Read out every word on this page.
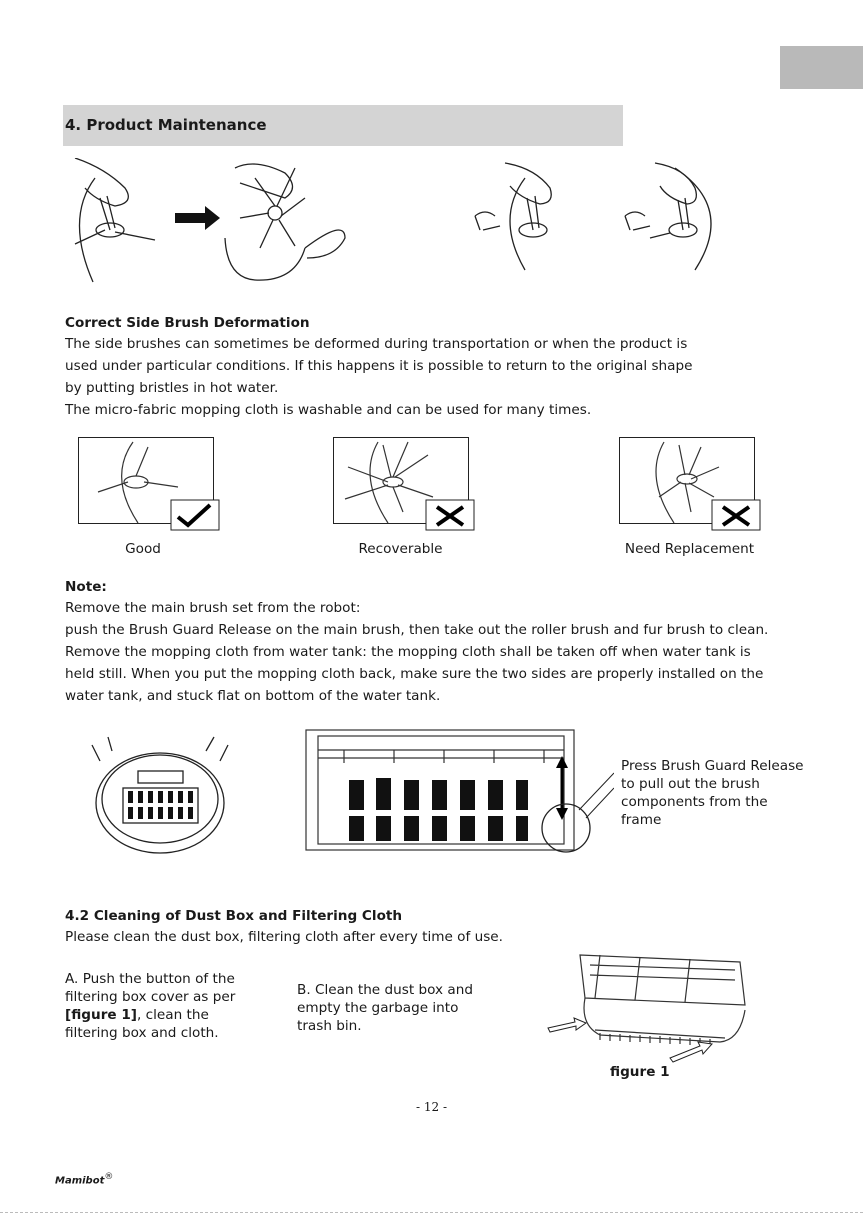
4. Product Maintenance

Correct Side Brush Deformation

The side brushes can sometimes be deformed during transportation or when the product is

used under particular conditions. If this happens it is possible to return to the original shape

by putting bristles in hot water.

The micro-fabric mopping cloth is washable and can be used for many times.

Good	Recoverable	Need Replacement

Note:

Remove the main brush set from the robot:

push the Brush Guard Release on the main brush, then take out the roller brush and fur brush to clean.

Remove the mopping cloth from water tank: the mopping cloth shall be taken off when water tank is

held still. When you put the mopping cloth back, make sure the two sides are properly installed on the

water tank, and stuck flat on bottom of the water tank.

Press Brush Guard Release
to pull out the brush
components from the
frame

4.2 Cleaning of Dust Box and Filtering Cloth

Please clean the dust box, filtering cloth after every time of use.

A. Push the button of the
filtering box cover as per
[figure 1], clean the
filtering box and cloth.
B. Clean the dust box and
empty the garbage into
trash bin.
figure 1
- 12 -
Mamibot®
